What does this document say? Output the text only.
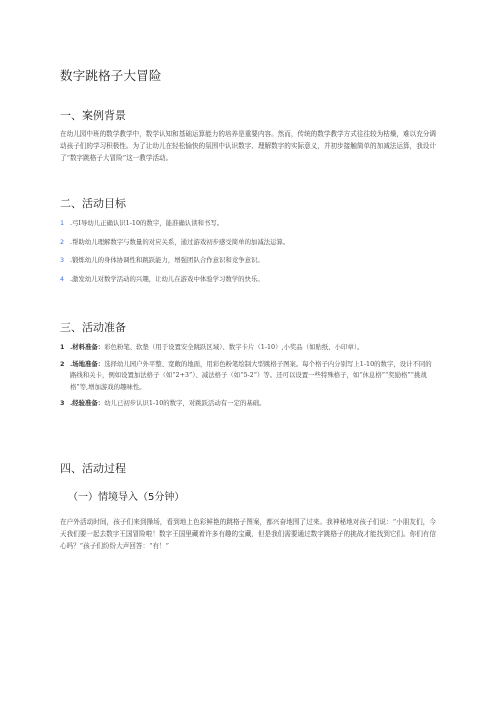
数字跳格子大冒险
一、案例背景

在幼儿园中班的数学教学中，数学认知和基础运算能力的培养是重要内容。然而，传统的数学教学方式往往较为枯燥，难以充分调动孩子们的学习积极性。为了让幼儿在轻松愉快的氛围中认识数字、理解数字的实际意义，并初步接触简单的加减法运算，我设计了“数字跳格子大冒险”这一教学活动。

二、活动目标
1 .弓I导幼儿正确认识1-10的数字，能准确认读和书写。
2 .帮助幼儿理解数字与数量的对应关系，通过游戏初步感受简单的加减法运算。
3 .锻炼幼儿的身体协调性和跳跃能力，增强团队合作意识和竞争意识。
4 .激发幼儿对数学活动的兴趣，让幼儿在游戏中体验学习数学的快乐。
三、活动准备
1 .材料准备：彩色粉笔、软垫（用于设置安全跳跃区域）、数字卡片（1-10）,小奖品（如贴纸、小印章）。
2 .场地准备：选择幼儿园户外平整、宽敞的地面，用彩色粉笔绘制大型跳格子图案。每个格子内分别写上1-10的数字，设计不同的路线和关卡，例如设置加法格子（如“2+3”）、减法格子（如“5-2”）等。还可以设置一些特殊格子，如“休息格”“奖励格”“挑战格”等,增加游戏的趣味性。
3 .经验准备：幼儿已初步认识1-10的数字，对跳跃活动有一定的基础。
四、活动过程
（一）情境导入（5分钟）

在户外活动时间，孩子们来到操场，看到地上色彩鲜艳的跳格子图案，都兴奋地围了过来。我神秘地对孩子们说：“小朋友们，今天我们要一起去数字王国冒险啦！数字王国里藏着许多有趣的宝藏，但是我们需要通过数字跳格子的挑战才能找到它们。你们有信心吗？”孩子们纷纷大声回答：“有！”
